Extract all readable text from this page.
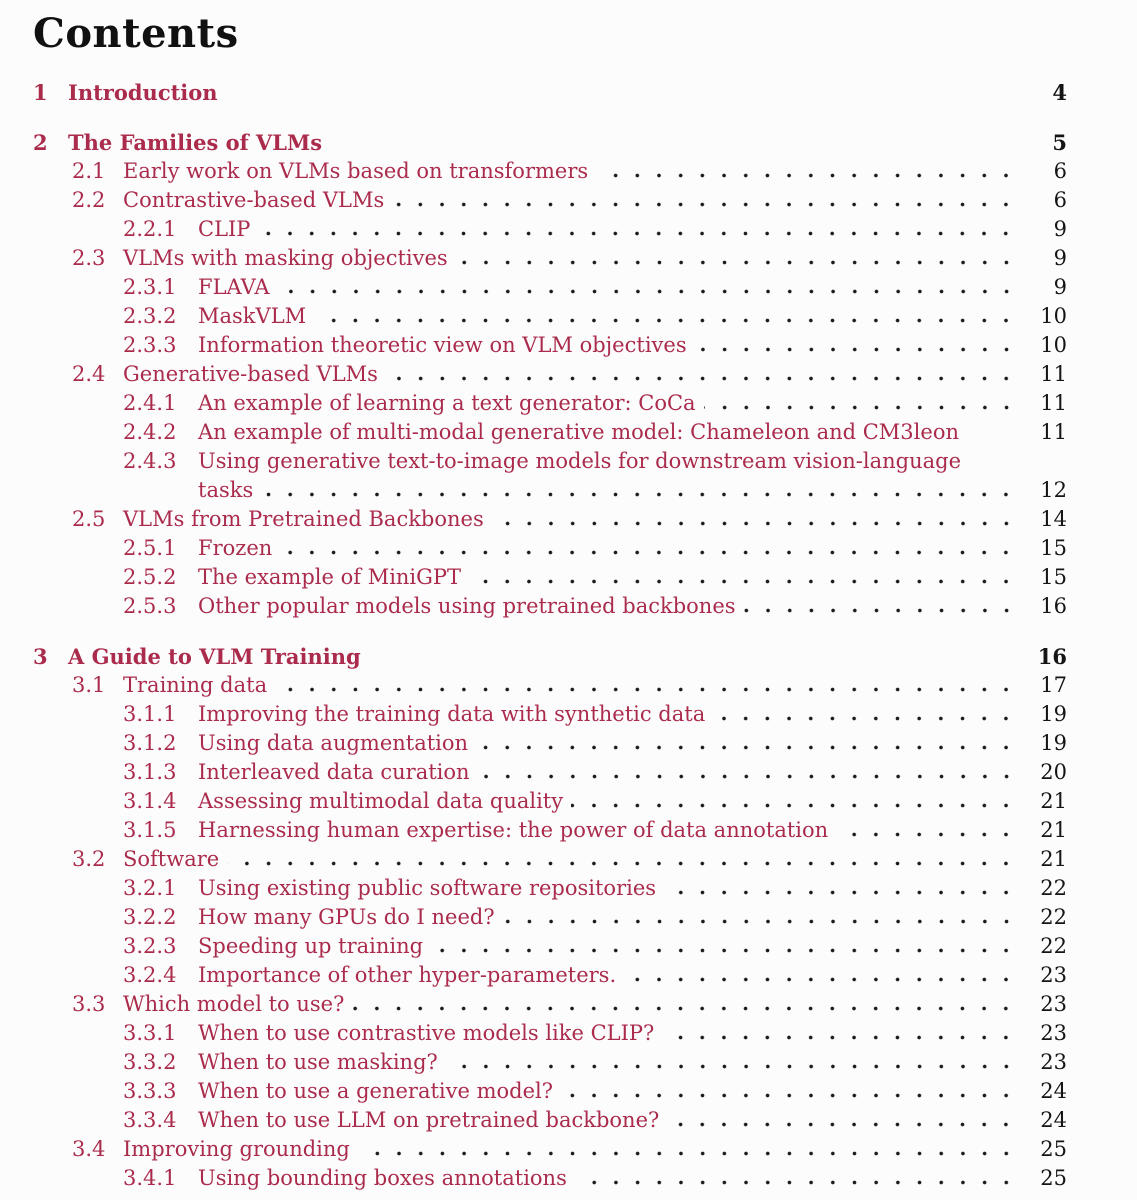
Contents
1 Introduction	4
2 The Families of VLMs	5
2.1 Early work on VLMs based on transformers	6
2.2 Contrastive-based VLMs	6
2.2.1	CLIP	9
2.3 VLMs with masking objectives	9
2.3.1	FLAVA	9
2.3.2	MaskVLM	10
2.3.3	Information theoretic view on VLM objectives	10
2.4 Generative-based VLMs	11
2.4.1	An example of learning a text generator: CoCa	11
2.4.2	An example of multi-modal generative model: Chameleon and CM3leon	11
2.4.3	Using generative text-to-image models for downstream vision-language
tasks	12
2.5 VLMs from Pretrained Backbones	14
2.5.1	Frozen	15
2.5.2	The example of MiniGPT	15
2.5.3	Other popular models using pretrained backbones	16
3 A Guide to VLM Training	16
3.1 Training data	17
3.1.1	Improving the training data with synthetic data	19
3.1.2	Using data augmentation	19
3.1.3	Interleaved data curation	20
3.1.4	Assessing multimodal data quality	21
3.1.5	Harnessing human expertise: the power of data annotation	21
3.2 Software	21
3.2.1	Using existing public software repositories	22
3.2.2	How many GPUs do I need?	22
3.2.3	Speeding up training	22
3.2.4	Importance of other hyper-parameters.	23
3.3 Which model to use?	23
3.3.1	When to use contrastive models like CLIP?	23
3.3.2	When to use masking?	23
3.3.3	When to use a generative model?	24
3.3.4	When to use LLM on pretrained backbone?	24
3.4 Improving grounding	25
3.4.1	Using bounding boxes annotations	25
